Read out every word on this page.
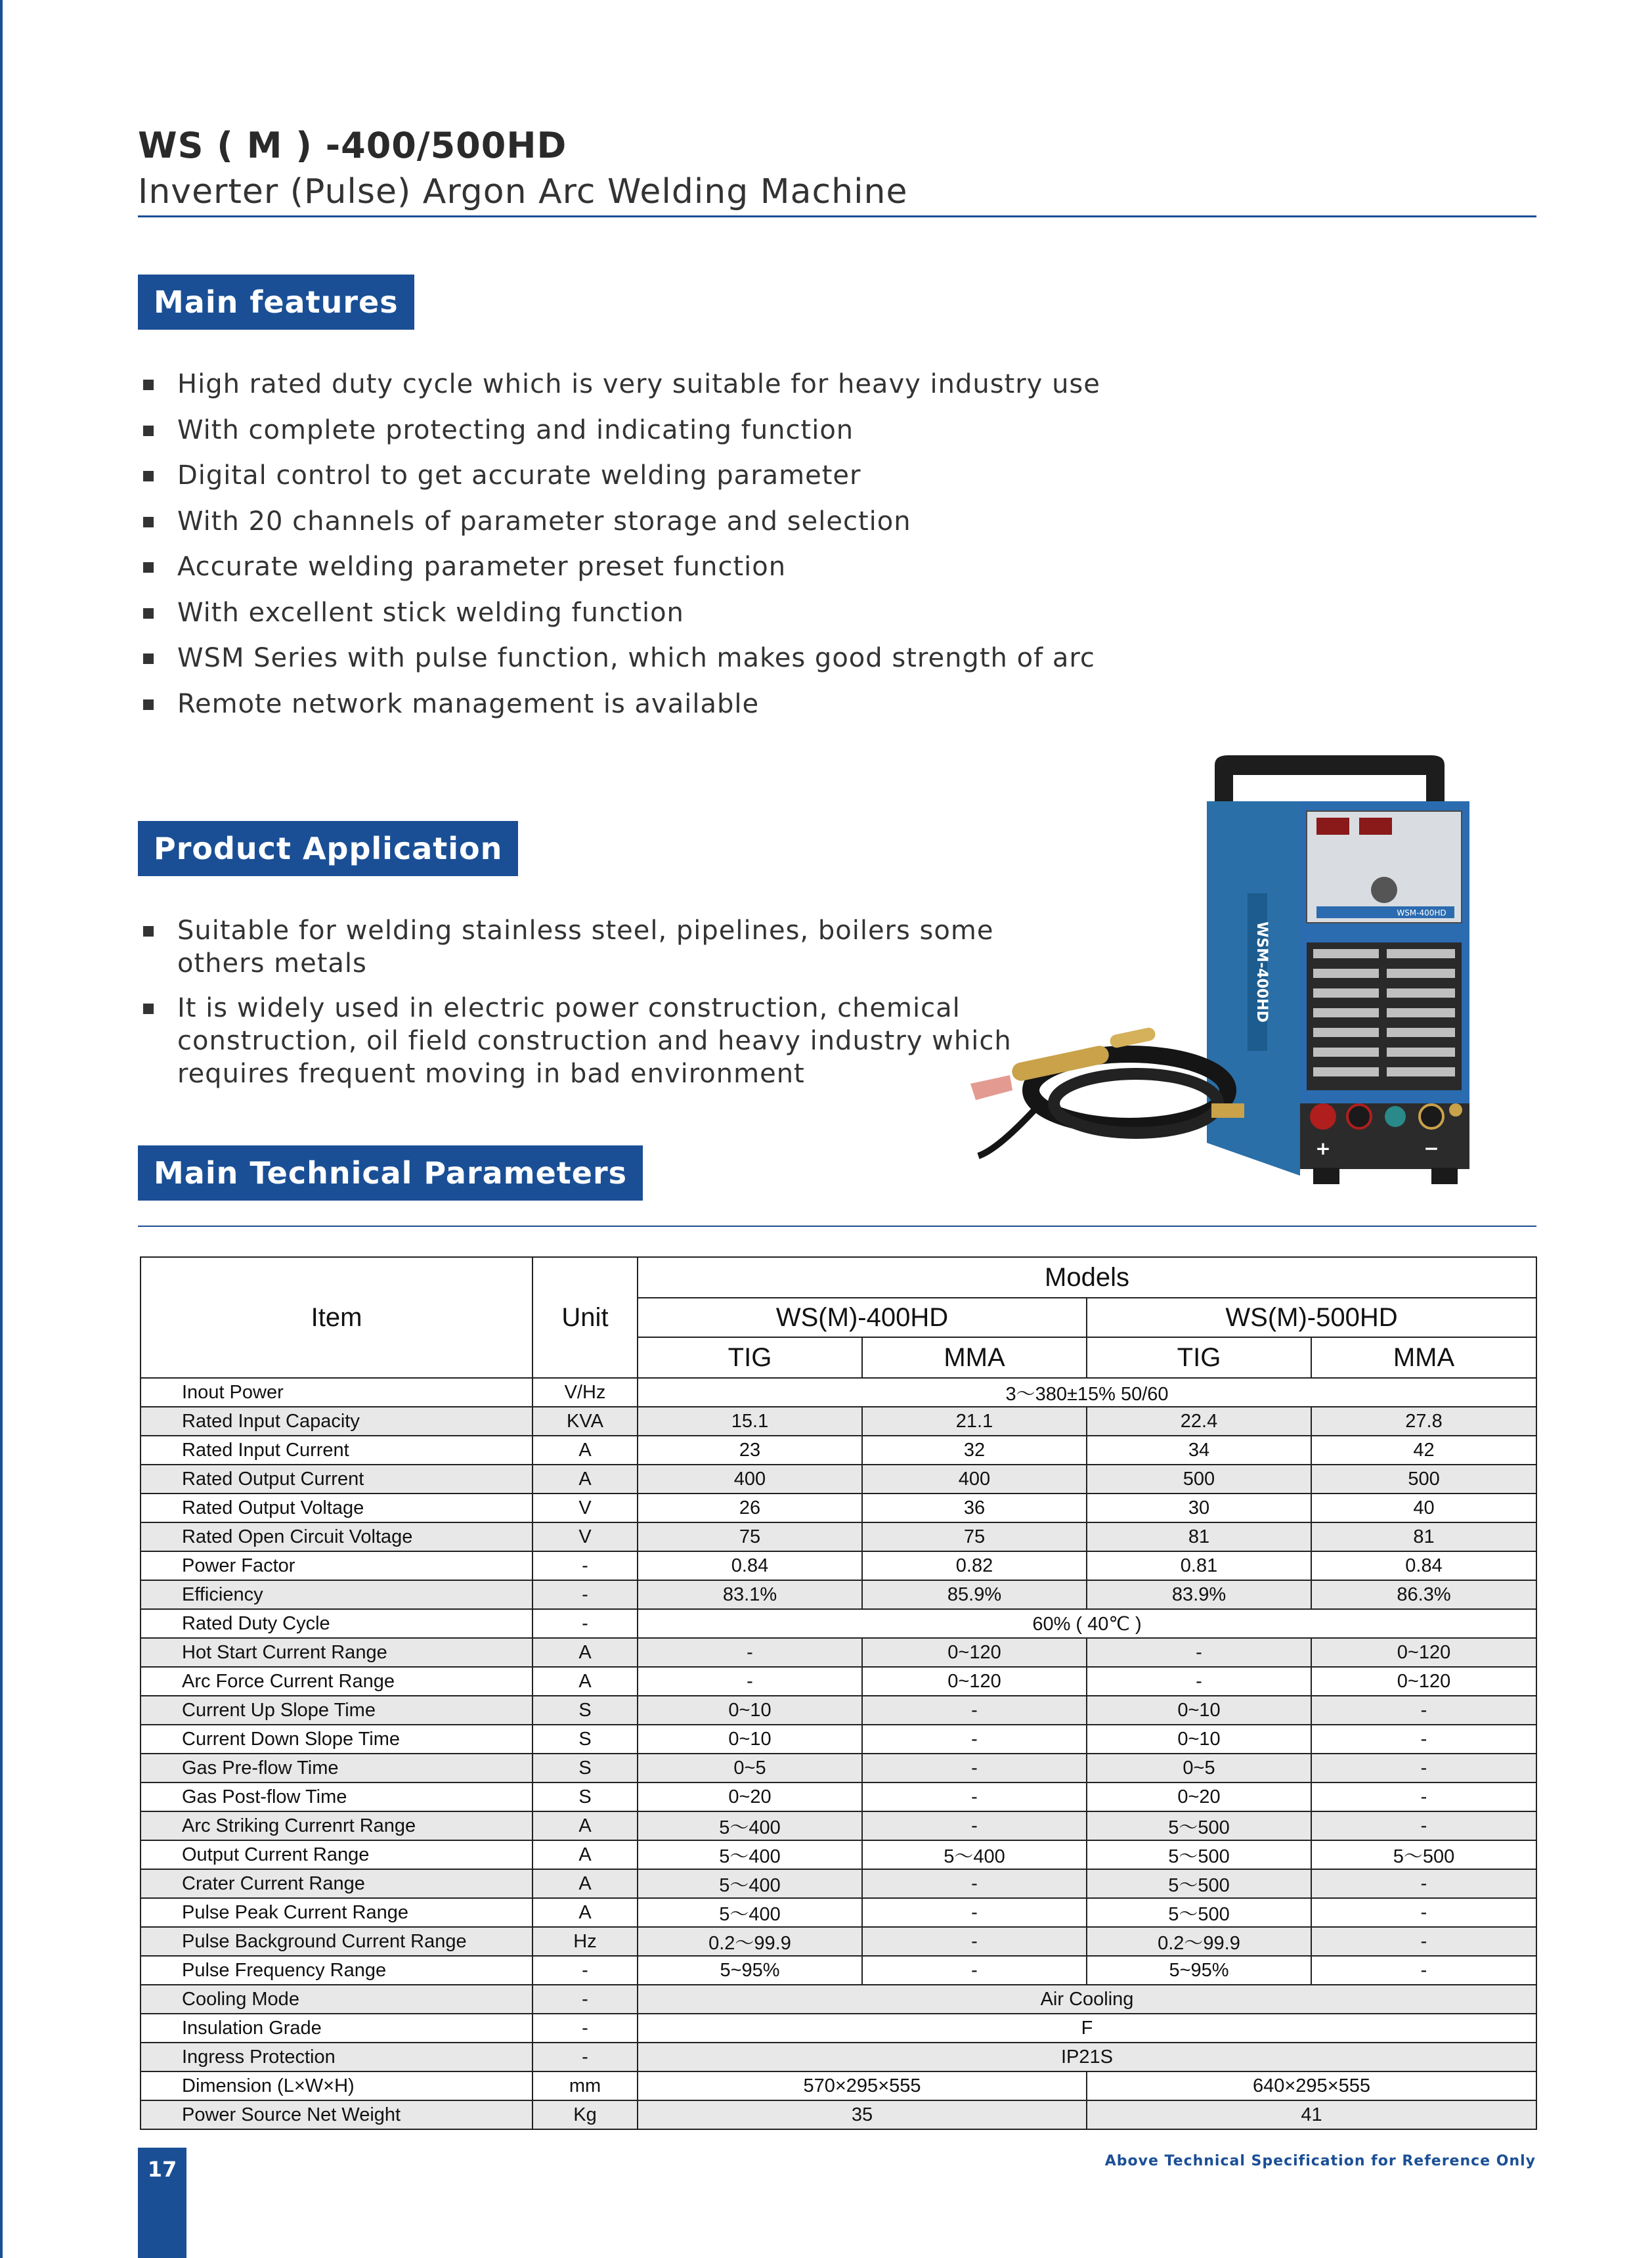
WS ( M ) -400/500HD
Inverter (Pulse) Argon Arc Welding Machine
Main features
High rated duty cycle which is very suitable for heavy industry use
With complete protecting and indicating function
Digital control to get accurate welding parameter
With 20 channels of parameter storage and selection
Accurate welding parameter preset function
With excellent stick welding function
WSM Series with pulse function, which makes good strength of arc
Remote network management is available
Product Application
Suitable for welding stainless steel, pipelines, boilers some
others metals
It is widely used in electric power construction, chemical
construction, oil field construction and heavy industry which
requires frequent moving in bad environment
WSM-400HD
WSM-400HD
+	−
Main Technical Parameters
Item	Unit	Models			
		WS(M)-400HD		WS(M)-500HD	
		TIG	MMA	TIG	MMA
Inout Power	V/Hz	3～380±15% 50/60			
Rated Input Capacity	KVA	15.1	21.1	22.4	27.8
Rated Input Current	A	23	32	34	42
Rated Output Current	A	400	400	500	500
Rated Output Voltage	V	26	36	30	40
Rated Open Circuit Voltage	V	75	75	81	81
Power Factor	-	0.84	0.82	0.81	0.84
Efficiency	-	83.1%	85.9%	83.9%	86.3%
Rated Duty Cycle	-	60% ( 40℃ )			
Hot Start Current Range	A	-	0~120	-	0~120
Arc Force Current Range	A	-	0~120	-	0~120
Current Up Slope Time	S	0~10	-	0~10	-
Current Down Slope Time	S	0~10	-	0~10	-
Gas Pre-flow Time	S	0~5	-	0~5	-
Gas Post-flow Time	S	0~20	-	0~20	-
Arc Striking Currenrt Range	A	5～400	-	5～500	-
Output Current Range	A	5～400	5～400	5～500	5～500
Crater Current Range	A	5～400	-	5～500	-
Pulse Peak Current Range	A	5～400	-	5～500	-
Pulse Background Current Range	Hz	0.2～99.9	-	0.2～99.9	-
Pulse Frequency Range	-	5~95%	-	5~95%	-
Cooling Mode	-	Air Cooling			
Insulation Grade	-	F			
Ingress Protection	-	IP21S			
Dimension (L×W×H)	mm	570×295×555		640×295×555	
Power Source Net Weight	Kg	35		41	
17	Above Technical Specification for Reference Only
